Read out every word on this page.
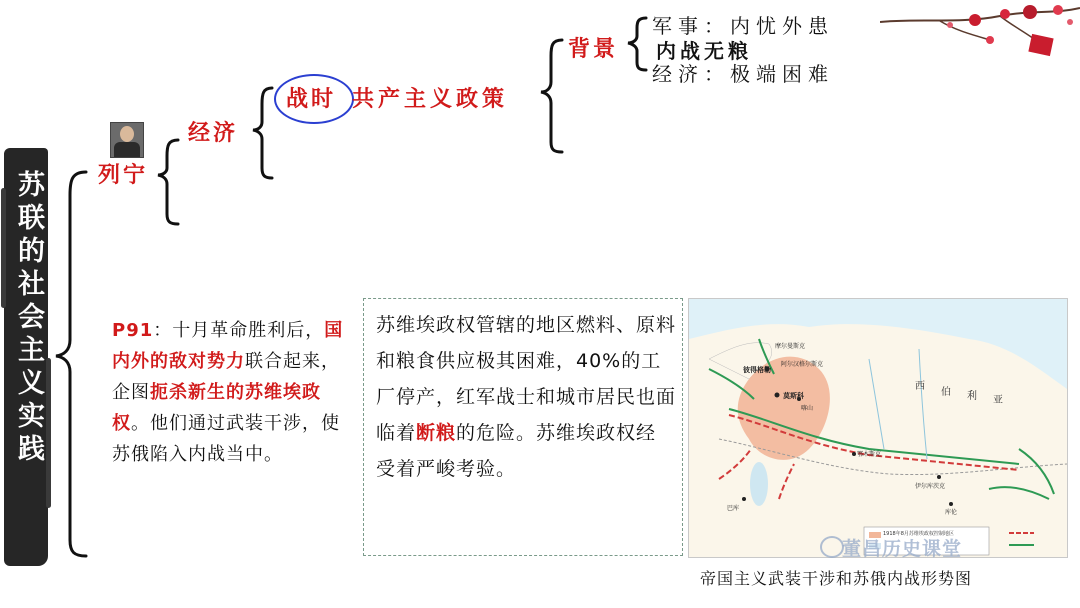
苏联的社会主义实践 列宁
经济
战时 共产主义政策
背景
军事：内忧外患
内战无粮
经济：极端困难
P91：十月革命胜利后，国内外的敌对势力联合起来，企图扼杀新生的苏维埃政权。他们通过武装干涉，使苏俄陷入内战当中。
苏维埃政权管辖的地区燃料、原料和粮食供应极其困难，40%的工厂停产，红军战士和城市居民也面临着断粮的危险。苏维埃政权经受着严峻考验。
摩尔曼斯克
阿尔汉格尔斯克
彼得格勒
莫斯科
喀山
鄂木斯克
伊尔库茨克
巴库
库伦
西
伯 利 亚
1918年8月苏维埃政权控制地区
董昌历史课堂
帝国主义武装干涉和苏俄内战形势图
